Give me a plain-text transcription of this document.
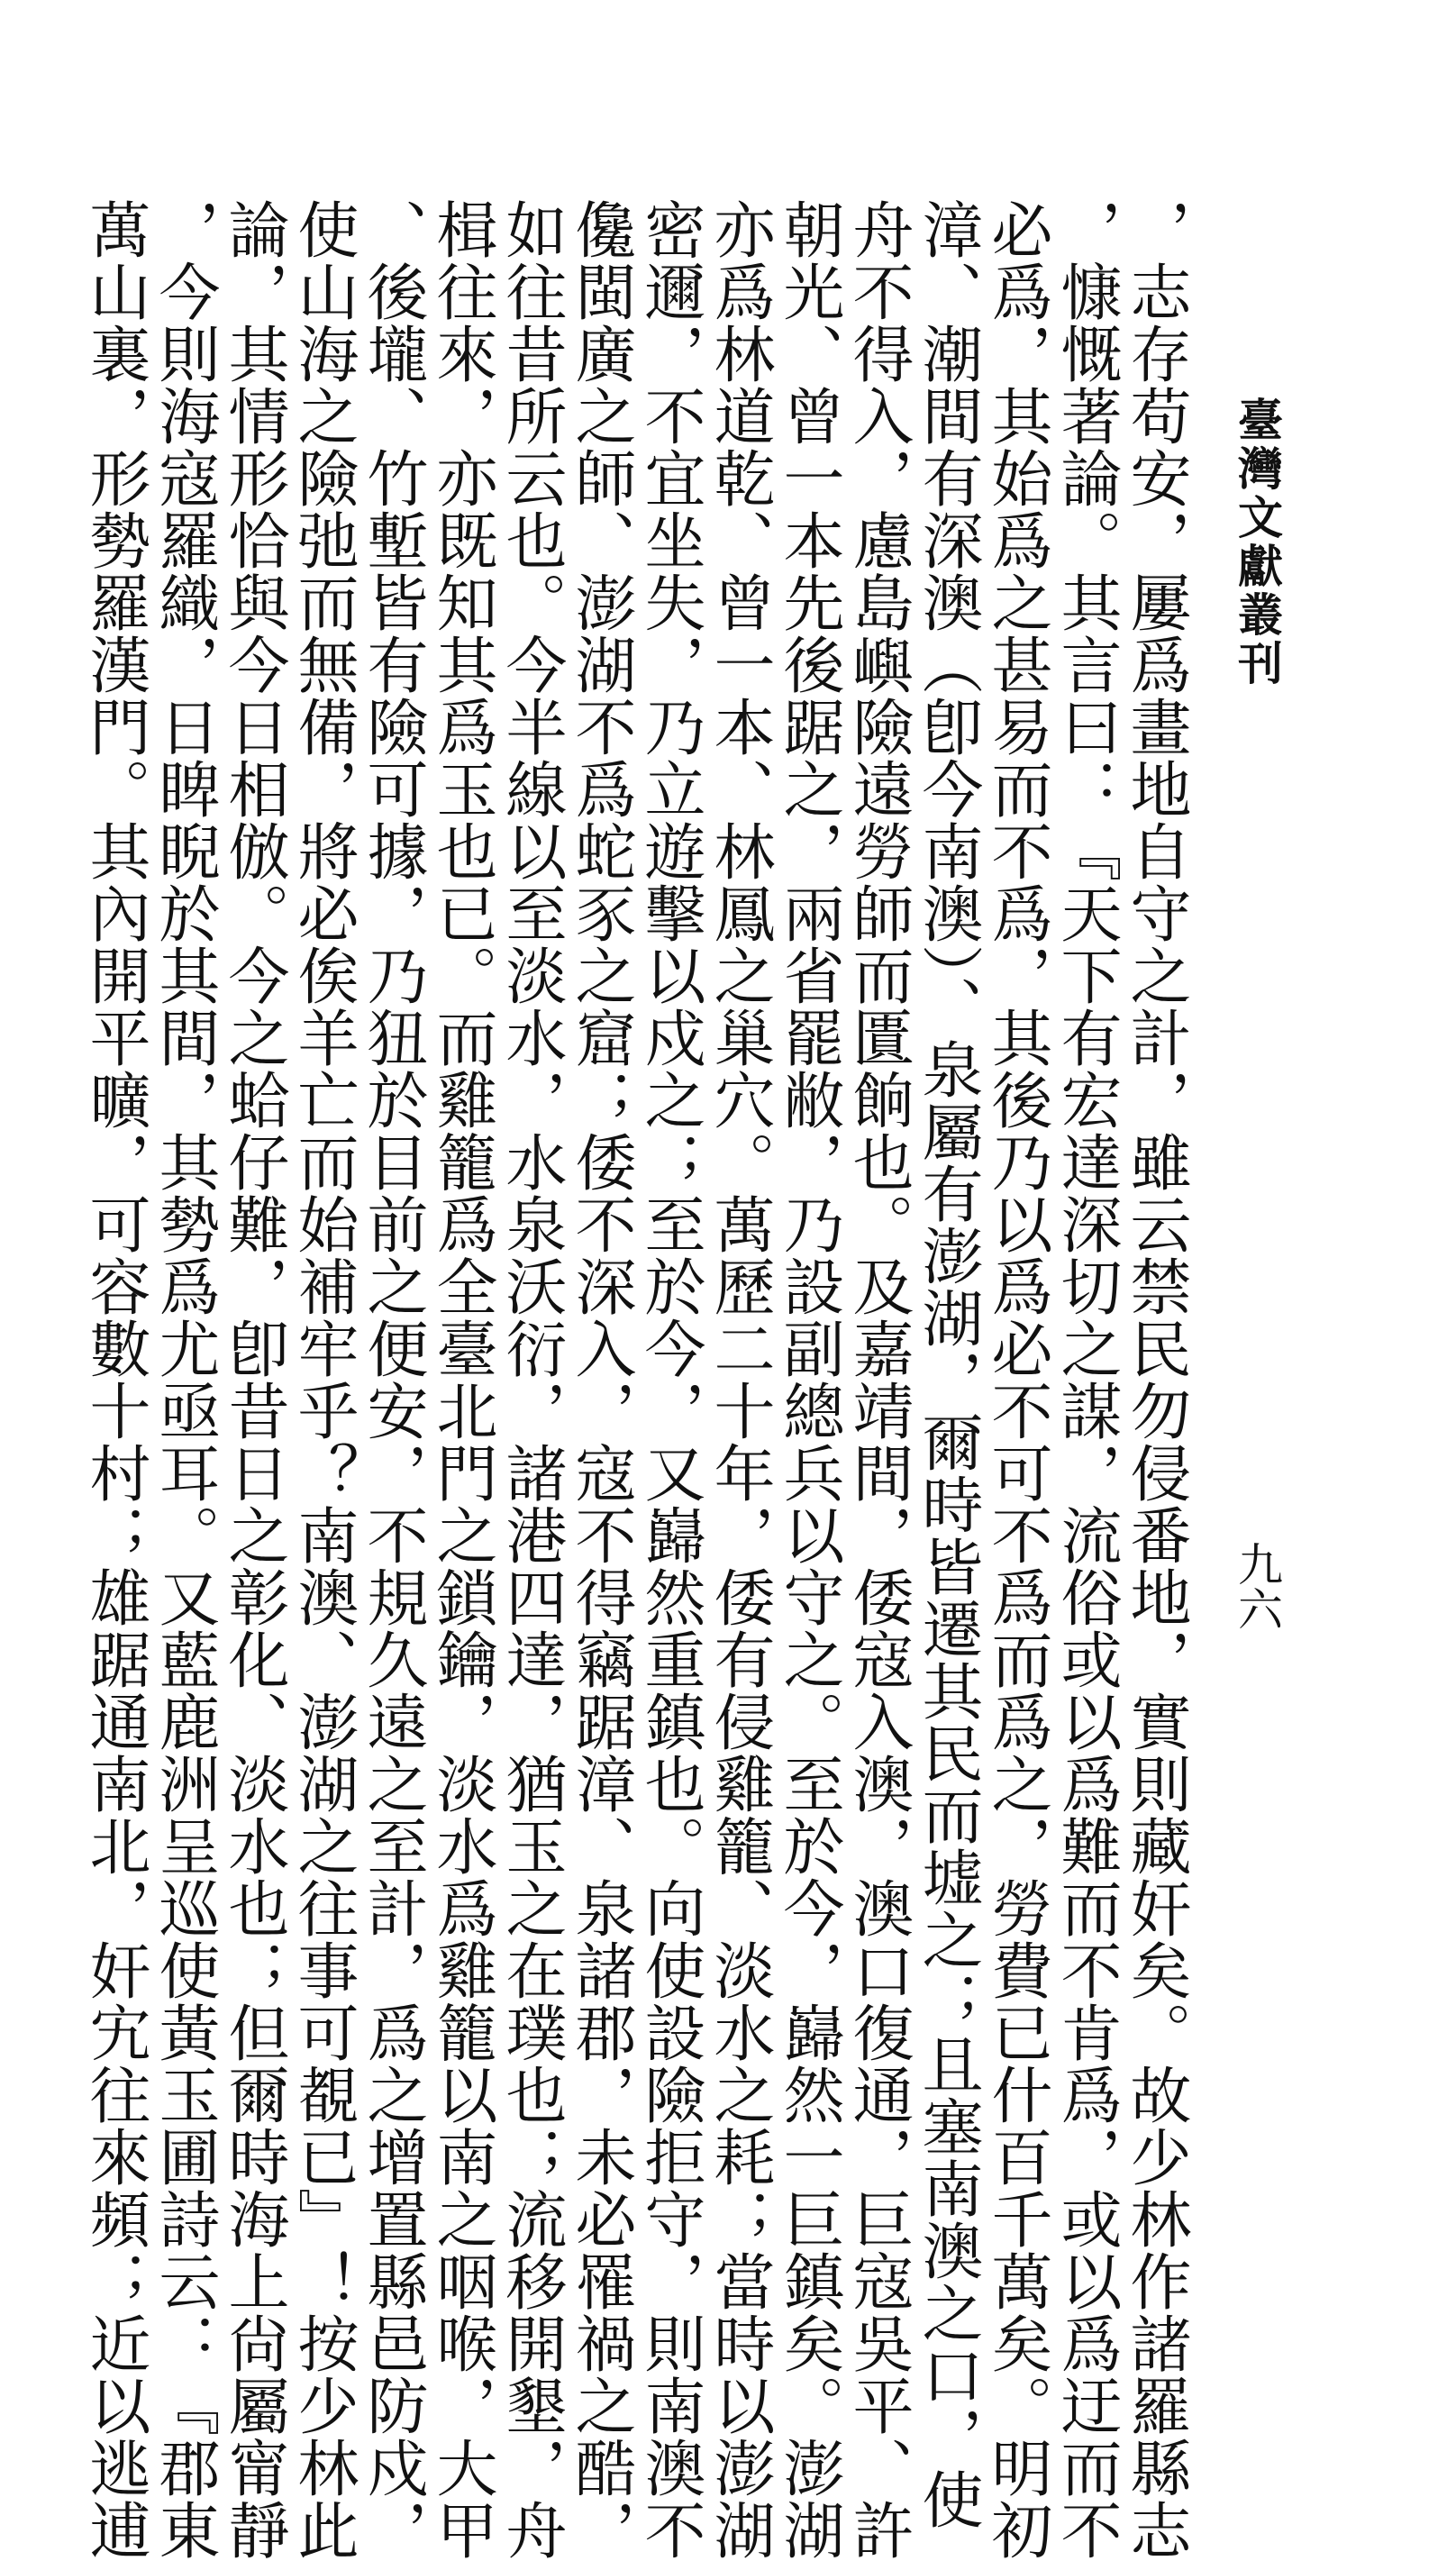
臺灣文獻叢刊
九六
，志存苟安，屢爲畫地自守之計，雖云禁民勿侵番地，實則藏奸矣。故少林作諸羅縣志
，慷慨著論。其言曰：『天下有宏達深切之謀，流俗或以爲難而不肯爲，或以爲迂而不
必爲，其始爲之甚易而不爲，其後乃以爲必不可不爲而爲之，勞費已什百千萬矣。明初
漳、潮間有深澳（卽今南澳）、泉屬有澎湖，爾時皆遷其民而墟之；且塞南澳之口，使
舟不得入，慮島嶼險遠勞師而匱餉也。及嘉靖間，倭寇入澳，澳口復通，巨寇吳平、許
朝光、曾一本先後踞之，兩省罷敝，乃設副總兵以守之。至於今，巋然一巨鎮矣。澎湖
亦爲林道乾、曾一本、林鳳之巢穴。萬歷二十年，倭有侵雞籠、淡水之耗；當時以澎湖
密邇，不宜坐失，乃立遊擊以戍之；至於今，又巋然重鎮也。向使設險拒守，則南澳不
儳閩廣之師、澎湖不爲蛇豕之窟；倭不深入，寇不得竊踞漳、泉諸郡，未必罹禍之酷，
如往昔所云也。今半線以至淡水，水泉沃衍，諸港四達，猶玉之在璞也；流移開墾，舟
楫往來，亦既知其爲玉也已。而雞籠爲全臺北門之鎖鑰，淡水爲雞籠以南之咽喉，大甲
、後壠、竹塹皆有險可據，乃狃於目前之便安，不規久遠之至計，爲之增置縣邑防戍，
使山海之險弛而無備，將必俟羊亡而始補牢乎？南澳、澎湖之往事可覩已』！按少林此
論，其情形恰與今日相倣。今之蛤仔難，卽昔日之彰化、淡水也；但爾時海上尙屬甯靜
，今則海寇羅織，日睥睨於其間，其勢爲尤亟耳。又藍鹿洲呈巡使黃玉圃詩云：『郡東
萬山裏，形勢羅漢門。其內開平曠，可容數十村；雄踞通南北，奸宄往來頻；近以逃逋
